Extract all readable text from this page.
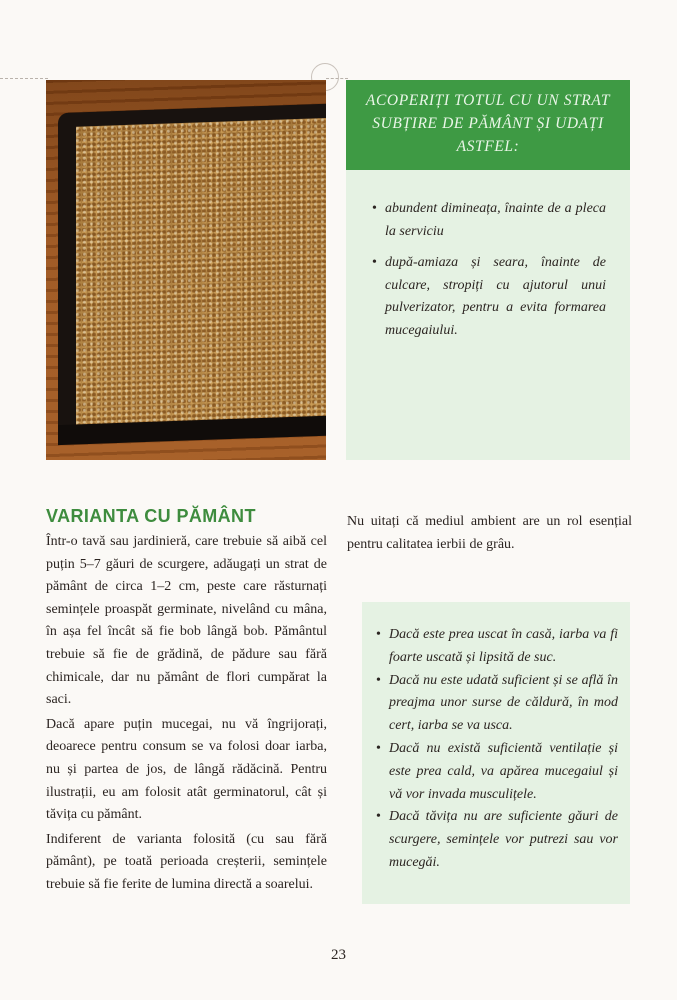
ACOPERIȚI TOTUL CU UN STRAT SUBȚIRE DE PĂMÂNT ȘI UDAȚI ASTFEL:
• abundent dimineața, înainte de a pleca la serviciu
• după-amiaza și seara, înainte de culcare, stropiți cu ajutorul unui pulverizator, pentru a evita formarea mucegaiului.
VARIANTA CU PĂMÂNT

Într-o tavă sau jardinieră, care trebuie să aibă cel puțin 5–7 găuri de scurgere, adăugați un strat de pământ de circa 1–2 cm, peste care răsturnați semințele proaspăt germinate, nivelând cu mâna, în așa fel încât să fie bob lângă bob. Pământul trebuie să fie de grădină, de pădure sau fără chimicale, dar nu pământ de flori cumpărat la saci.

Dacă apare puțin mucegai, nu vă îngrijorați, deoarece pentru consum se va folosi doar iarba, nu și partea de jos, de lângă rădăcină. Pentru ilustrații, eu am folosit atât germinatorul, cât și tăvița cu pământ.

Indiferent de varianta folosită (cu sau fără pământ), pe toată perioada creșterii, semințele trebuie să fie ferite de lumina directă a soarelui.

Nu uitați că mediul ambient are un rol esențial pentru calitatea ierbii de grâu.

• Dacă este prea uscat în casă, iarba va fi foarte uscată și lipsită de suc.
• Dacă nu este udată suficient și se află în preajma unor surse de căldură, în mod cert, iarba se va usca.
• Dacă nu există suficientă ventilație și este prea cald, va apărea mucegaiul și vă vor invada musculițele.
• Dacă tăvița nu are suficiente găuri de scurgere, semințele vor putrezi sau vor mucegăi.

23
